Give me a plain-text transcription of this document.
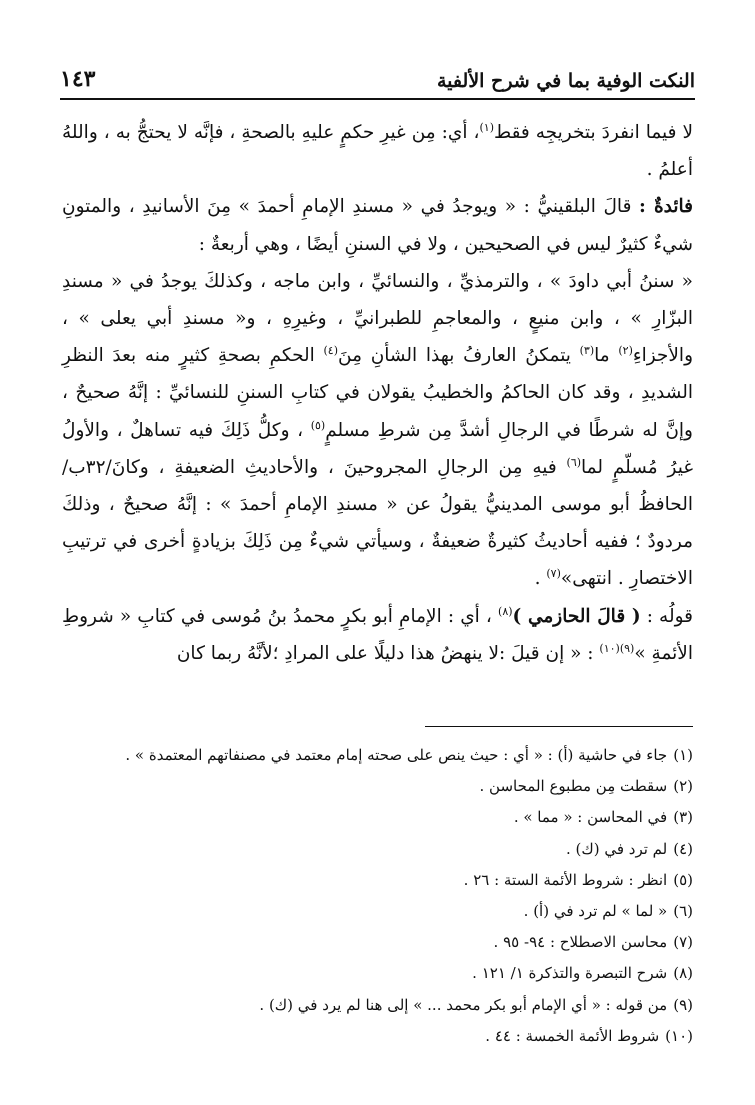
النكت الوفية بما في شرح الألفية
١٤٣

لا فيما انفردَ بتخريجِه فقط$^{(١)}$، أي: مِن غيرِ حكمٍ عليهِ بالصحةِ ، فإنَّه لا يحتجُّ به ، واللهُ أعلمُ .

فائدةٌ : قالَ البلقينيُّ : « ويوجدُ في « مسندِ الإمامِ أحمدَ » مِنَ الأسانيدِ ، والمتونِ شيءٌ كثيرٌ ليس في الصحيحين ، ولا في السننِ أيضًا ، وهي أربعةٌ :

« سننُ أبي داودَ » ، والترمذيِّ ، والنسائيِّ ، وابن ماجه ، وكذلكَ يوجدُ في « مسندِ البزّارِ » ، وابن منيعٍ ، والمعاجمِ للطبرانيِّ ، وغيرِهِ ، و« مسندِ أبي يعلى » ، والأجزاءِ$^{(٢)}$ ما$^{(٣)}$ يتمكنُ العارفُ بهذا الشأنِ مِنَ$^{(٤)}$ الحكمِ بصحةِ كثيرٍ منه بعدَ النظرِ الشديدِ ، وقد كان الحاكمُ والخطيبُ يقولان في كتابِ السننِ للنسائيِّ : إنَّهُ صحيحٌ ، وإنَّ له شرطًا في الرجالِ أشدَّ مِن شرطِ مسلمٍ$^{(٥)}$ ، وكلُّ ذَلِكَ فيه تساهلٌ ، والأولُ غيرُ مُسلّمٍ لما$^{(٦)}$ فيهِ مِن الرجالِ المجروحينَ ، والأحاديثِ الضعيفةِ ، وكانَ/٣٢ب/ الحافظُ أبو موسى المدينيُّ يقولُ عن « مسندِ الإمامِ أحمدَ » : إنَّهُ صحيحٌ ، وذلكَ مردودٌ ؛ ففيه أحاديثُ كثيرةٌ ضعيفةٌ ، وسيأتي شيءٌ مِن ذَلِكَ بزيادةٍ أخرى في ترتيبِ الاختصارِ . انتهى»$^{(٧)}$ .

قولُه : ( قالَ الحازمي )$^{(٨)}$ ، أي : الإمامِ أبو بكرٍ محمدُ بنُ مُوسى في كتابِ « شروطِ الأئمةِ »$^{(٩)(١٠)}$ : « إن قيلَ :لا ينهضُ هذا دليلًا على المرادِ ؛لأنَّهُ ربما كان

(١)
جاء في حاشية (أ) : « أي : حيث ينص على صحته إمام معتمد في مصنفاتهم المعتمدة » .
(٢)
سقطت مِن مطبوع المحاسن .
(٣)
في المحاسن : « مما » .
(٤)
لم ترد في (ك) .
(٥)
انظر : شروط الأئمة الستة : ٢٦ .
(٦)
« لما » لم ترد في (أ) .
(٧)
محاسن الاصطلاح : ٩٤- ٩٥ .
(٨)
شرح التبصرة والتذكرة ١/ ١٢١ .
(٩)
من قوله : « أي الإمام أبو بكر محمد ... » إلى هنا لم يرد في (ك) .
(١٠)
شروط الأئمة الخمسة : ٤٤ .
